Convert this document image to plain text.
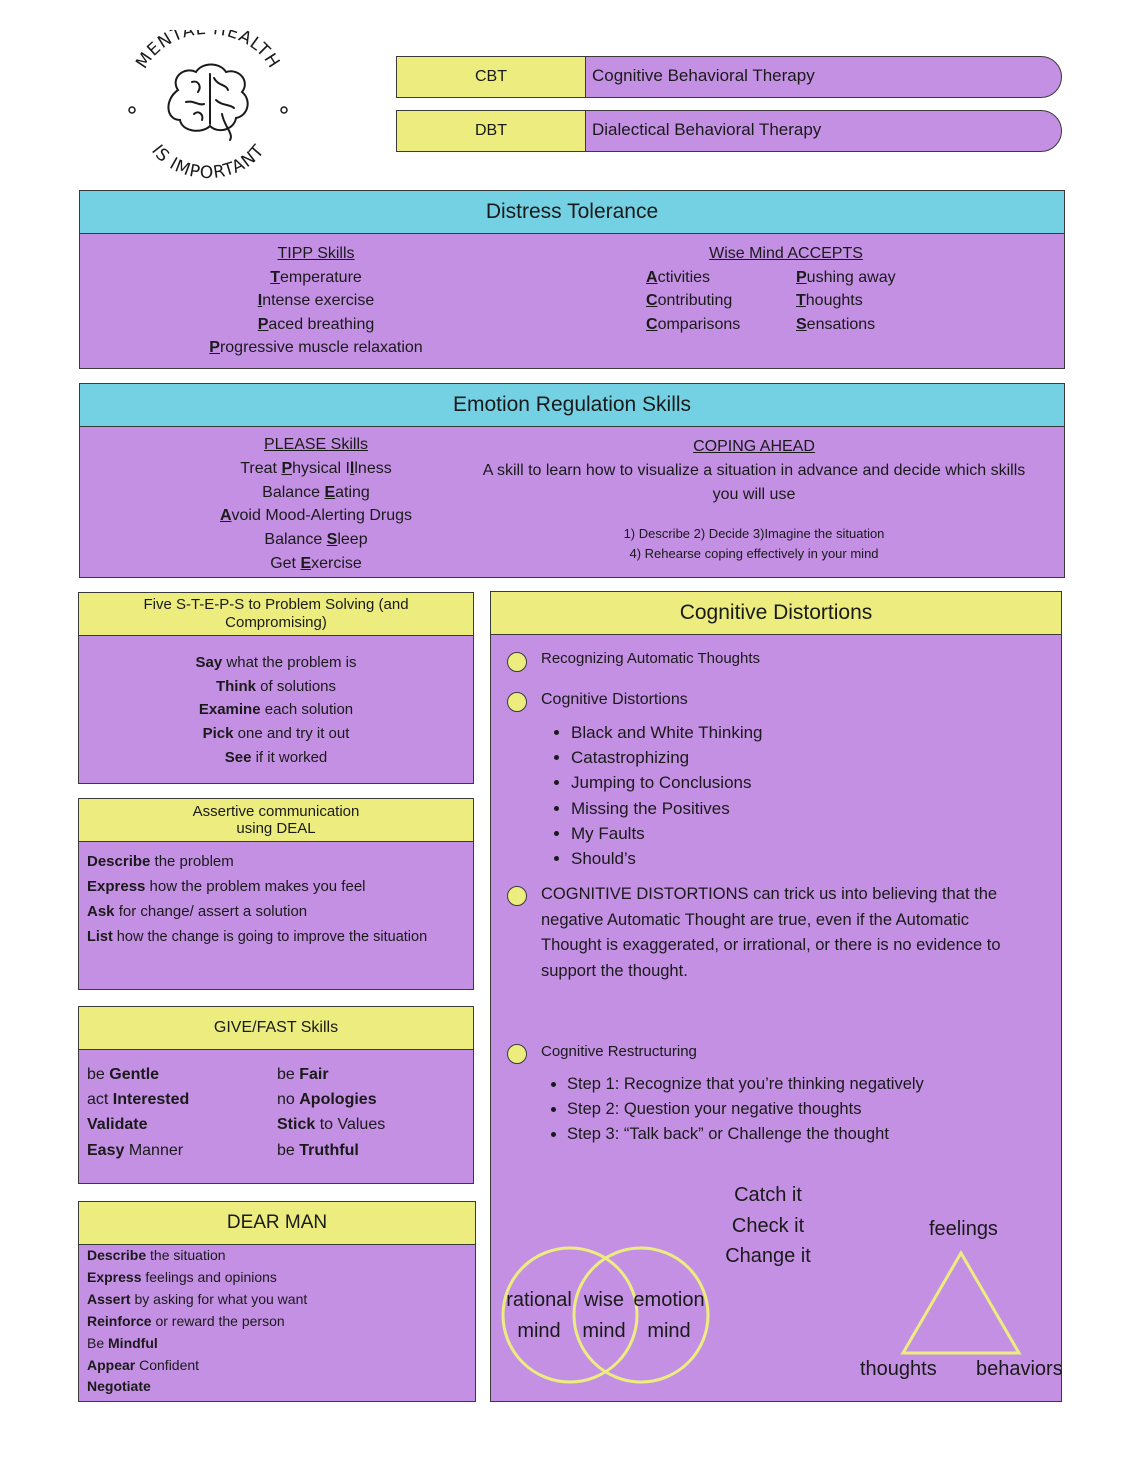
MENTA EALTH
IS IMPORTANT
CBT	Cognitive Behavioral Therapy
DBT	Dialectical Behavioral Therapy
Distress Tolerance
TIPP Skills
Temperature
Intense exercise
Paced breathing
Progressive muscle relaxation
Wise Mind ACCEPTS
Activities
Contributing
Comparisons
Pushing away
Thoughts
Sensations
Emotion Regulation Skills
PLEASE Skills
Treat Physical Illness
Balance Eating
Avoid Mood-Alerting Drugs
Balance Sleep
Get Exercise
COPING AHEAD
A skill to learn how to visualize a situation in advance and decide which skills you will use
1) Describe 2) Decide 3)Imagine the situation
4) Rehearse coping effectively in your mind
Five S-T-E-P-S to Problem Solving (and Compromising)
Say what the problem is
Think of solutions
Examine each solution
Pick one and try it out
See if it worked
Assertive communication
using DEAL
Describe the problem
Express how the problem makes you feel
Ask for change/ assert a solution
List how the change is going to improve the situation
GIVE/FAST Skills
be Gentle
act Interested
Validate
Easy Manner
be Fair
no Apologies
Stick to Values
be Truthful
DEAR MAN
Describe the situation
Express feelings and opinions
Assert by asking for what you want
Reinforce or reward the person
Be Mindful
Appear Confident
Negotiate
Cognitive Distortions
Recognizing Automatic Thoughts
Cognitive Distortions
• Black and White Thinking
• Catastrophizing
• Jumping to Conclusions
• Missing the Positives
• My Faults
• Should’s
COGNITIVE DISTORTIONS can trick us into believing that the negative Automatic Thought are true, even if the Automatic Thought is exaggerated, or irrational, or there is no evidence to support the thought.
Cognitive Restructuring
• Step 1: Recognize that you’re thinking negatively
• Step 2: Question your negative thoughts
• Step 3: “Talk back” or Challenge the thought
Catch it
Check it
Change it
rational
mind
wise
mind
emotion
mind
feelings
thoughts behaviors
